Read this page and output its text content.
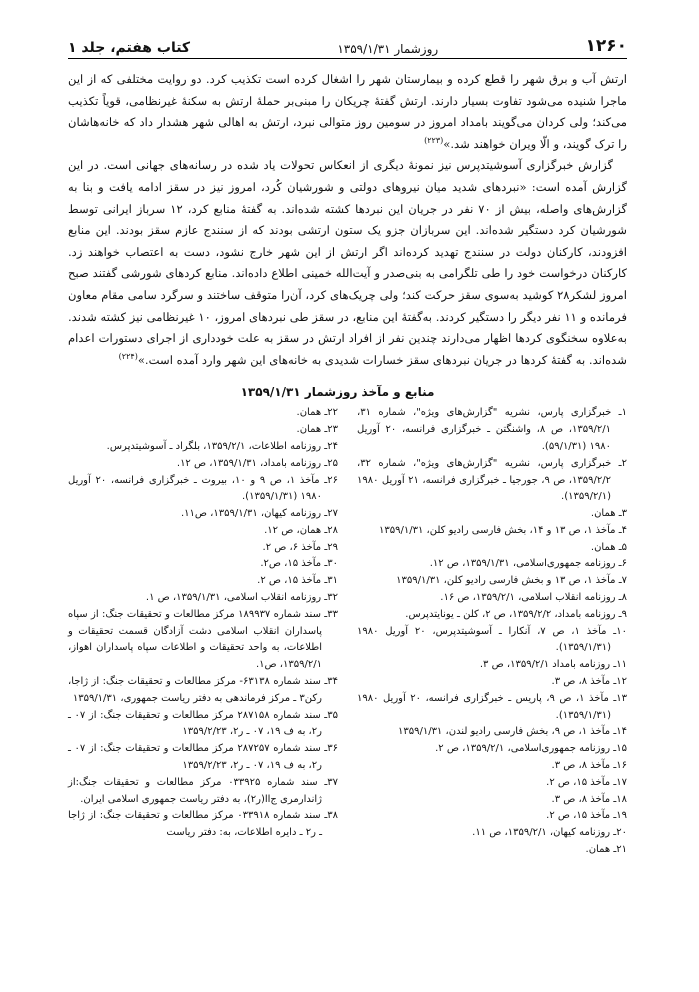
۱۲۶۰
روزشمار ۱۳۵۹/۱/۳۱
کتاب هفتم، جلد ۱

ارتش آب و برق شهر را قطع کرده و بیمارستان شهر را اشغال کرده است تکذیب کرد. دو روایت مختلفی که از این ماجرا شنیده می‌شود تفاوت بسیار دارند. ارتش گفتهٔ چریکان را مبنی‌بر حملهٔ ارتش به سکنهٔ غیرنظامی، قویاً تکذیب می‌کند؛ ولی کردان می‌گویند بامداد امروز در سومین روز متوالی نبرد، ارتش به اهالی شهر هشدار داد که خانه‌هاشان را ترک گویند، و الّا ویران خواهند شد.»$^{(۲۲۳)}$

گزارش خبرگزاری آسوشیتدپرس نیز نمونهٔ دیگری از انعکاس تحولات یاد شده در رسانه‌های جهانی است. در این گزارش آمده است: «نبردهای شدید میان نیروهای دولتی و شورشیان کُرد، امروز نیز در سقز ادامه یافت و بنا به گزارش‌های واصله، بیش از ۷۰ نفر در جریان این نبردها کشته شده‌اند. به گفتهٔ منابع کرد، ۱۲ سرباز ایرانی توسط شورشیان کرد دستگیر شده‌اند. این سربازان جزو یک ستون ارتشی بودند که از سنندج عازم سقز بودند. این منابع افزودند، کارکنان دولت در سنندج تهدید کرده‌اند اگر ارتش از این شهر خارج نشود، دست به اعتصاب خواهند زد. کارکنان درخواست خود را طی تلگرامی به بنی‌صدر و آیت‌الله خمینی اطلاع داده‌اند. منابع کردهای شورشی گفتند صبح امروز لشکر۲۸ کوشید به‌سوی سقز حرکت کند؛ ولی چریک‌های کرد، آن‌را متوقف ساختند و سرگرد سامی مقام معاون فرمانده و ۱۱ نفر دیگر را دستگیر کردند. به‌گفتهٔ این منابع، در سقز طی نبردهای امروز، ۱۰ غیرنظامی نیز کشته شدند. به‌علاوه سخنگوی کردها اظهار می‌دارند چندین نفر از افراد ارتش در سقز به علت خودداری از اجرای دستورات اعدام شده‌اند. به گفتهٔ کردها در جریان نبردهای سقز خسارات شدیدی به خانه‌های این شهر وارد آمده است.»$^{(۲۲۴)}$

منابع و مآخذ روزشمار ۱۳۵۹/۱/۳۱
۱ـ خبرگزاری پارس، نشریه "گزارش‌های ویژه"، شماره ۳۱، ۱۳۵۹/۲/۱، ص ۸، واشنگتن ـ خبرگزاری فرانسه، ۲۰ آوریل ۱۹۸۰ (۵۹/۱/۳۱).
۲ـ خبرگزاری پارس، نشریه "گزارش‌های ویژه"، شماره ۳۲، ۱۳۵۹/۲/۲، ص ۹، جورجیا ـ خبرگزاری فرانسه، ۲۱ آوریل ۱۹۸۰ (۱۳۵۹/۲/۱).
۳ـ همان.
۴ـ مآخذ ۱، ص ۱۳ و ۱۴، بخش فارسی رادیو کلن، ۱۳۵۹/۱/۳۱
۵ـ همان.
۶ـ روزنامه جمهوری‌اسلامی، ۱۳۵۹/۱/۳۱، ص ۱۲.
۷ـ مآخذ ۱، ص ۱۳ و بخش فارسی رادیو کلن، ۱۳۵۹/۱/۳۱
۸ـ روزنامه انقلاب اسلامی، ۱۳۵۹/۲/۱، ص ۱۶.
۹ـ روزنامه بامداد، ۱۳۵۹/۲/۲، ص ۲، کلن ـ یونایتدپرس.
۱۰ـ مآخذ ۱، ص ۷، آنکارا ـ آسوشیتدپرس، ۲۰ آوریل ۱۹۸۰ (۱۳۵۹/۱/۳۱).
۱۱ـ روزنامه بامداد ۱۳۵۹/۲/۱، ص ۳.
۱۲ـ مآخذ ۸، ص ۳.
۱۳ـ مآخذ ۱، ص ۹، پاریس ـ خبرگزاری فرانسه، ۲۰ آوریل ۱۹۸۰ (۱۳۵۹/۱/۳۱).
۱۴ـ مآخذ ۱، ص ۹، بخش فارسی رادیو لندن، ۱۳۵۹/۱/۳۱
۱۵ـ روزنامه جمهوری‌اسلامی، ۱۳۵۹/۲/۱، ص ۲.
۱۶ـ مآخذ ۸، ص ۳.
۱۷ـ مآخذ ۱۵، ص ۲.
۱۸ـ مآخذ ۸، ص ۳.
۱۹ـ مآخذ ۱۵، ص ۲.
۲۰ـ روزنامه کیهان، ۱۳۵۹/۲/۱، ص ۱۱.
۲۱ـ همان.
۲۲ـ همان.
۲۳ـ همان.
۲۴ـ روزنامه اطلاعات، ۱۳۵۹/۲/۱، بلگراد ـ آسوشیتدپرس.
۲۵ـ روزنامه بامداد، ۱۳۵۹/۱/۳۱، ص ۱۲.
۲۶ـ مآخذ ۱، ص ۹ و ۱۰، بیروت ـ خبرگزاری فرانسه، ۲۰ آوریل ۱۹۸۰ (۱۳۵۹/۱/۳۱).
۲۷ـ روزنامه کیهان، ۱۳۵۹/۱/۳۱، ص۱۱.
۲۸ـ همان، ص ۱۲.
۲۹ـ مآخذ ۶، ص ۲.
۳۰ـ مآخذ ۱۵، ص۲.
۳۱ـ مآخذ ۱۵، ص ۲.
۳۲ـ روزنامه انقلاب اسلامی، ۱۳۵۹/۱/۳۱، ص ۱.
۳۳ـ سند شماره ۱۸۹۹۳۷ مرکز مطالعات و تحقیقات جنگ: از سپاه پاسداران انقلاب اسلامی دشت آزادگان قسمت تحقیقات و اطلاعات، به واحد تحقیقات و اطلاعات سپاه پاسداران اهواز، ۱۳۵۹/۲/۱، ص۱.
۳۴ـ سند شماره ۶۳۱۳۸- مرکز مطالعات و تحقیقات جنگ: از ژاجا، رکن۳ ـ مرکز فرماندهی به دفتر ریاست جمهوری، ۱۳۵۹/۱/۳۱
۳۵ـ سند شماره ۲۸۷۱۵۸ مرکز مطالعات و تحقیقات جنگ: از ۰۷ ـ ر۲، به ف ۱۹، ۰۷ ـ ر۲، ۱۳۵۹/۲/۲۳
۳۶ـ سند شماره ۲۸۷۲۵۷ مرکز مطالعات و تحقیقات جنگ: از ۰۷ ـ ر۲، به ف ۱۹، ۰۷ ـ ر۲، ۱۳۵۹/۲/۲۳
۳۷ـ سند شماره ۰۳۳۹۲۵ مرکز مطالعات و تحقیقات جنگ:از ژاندارمری ج‌ا‌ا(ر۲)، به دفتر ریاست جمهوری اسلامی ایران.
۳۸ـ سند شماره ۰۳۳۹۱۸ مرکز مطالعات و تحقیقات جنگ: از ژاجا ـ ر۲ ـ دایره اطلاعات، به: دفتر ریاست
